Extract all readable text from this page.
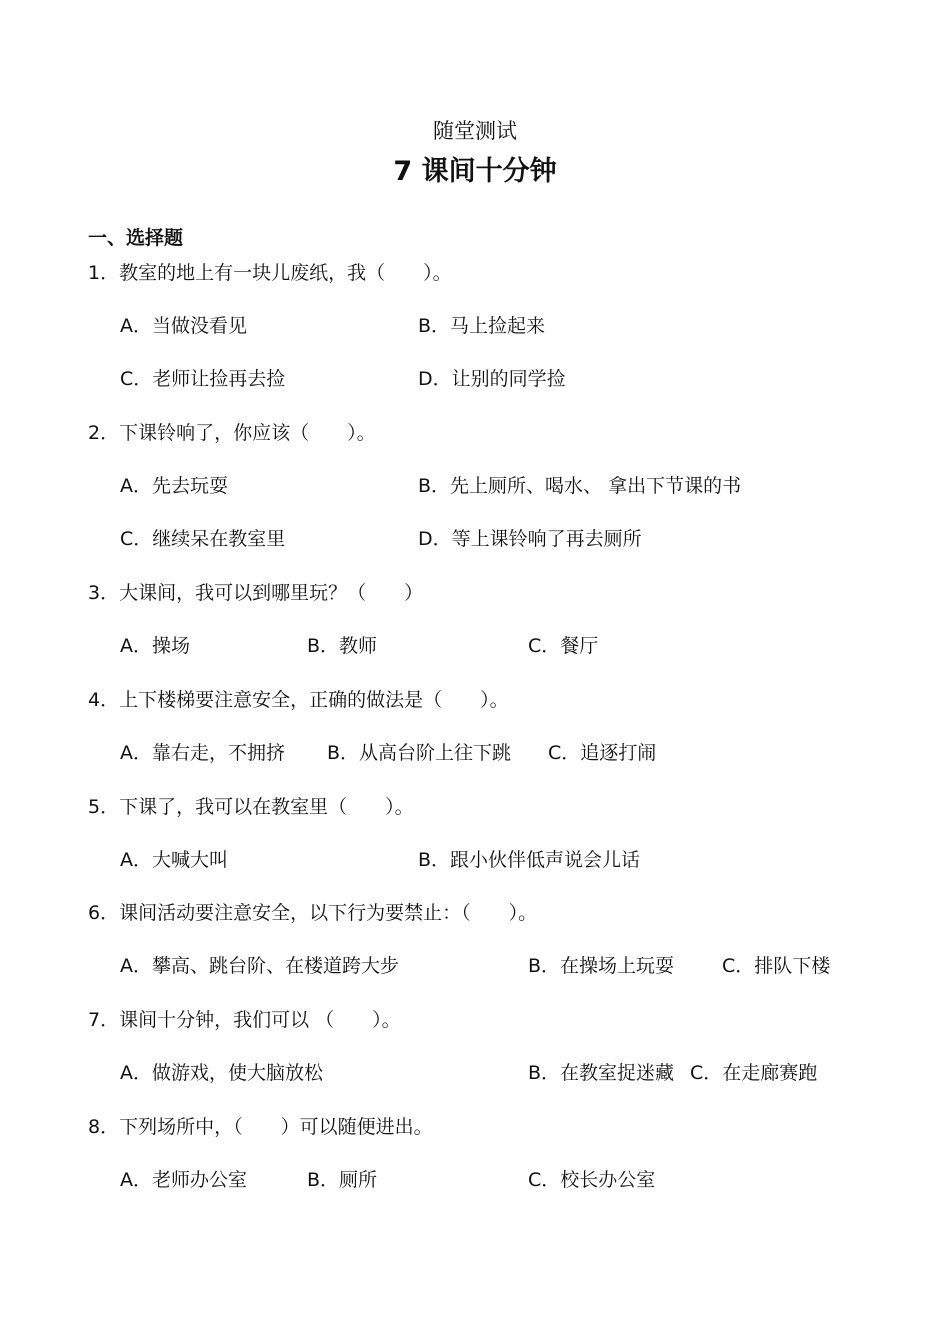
随堂测试
7 课间十分钟
一、选择题
1．教室的地上有一块儿废纸，我（　　）。
A．当做没看见	B．马上捡起来
C．老师让捡再去捡	D．让别的同学捡
2．下课铃响了，你应该（　　）。
A．先去玩耍	B．先上厕所、喝水、 拿出下节课的书
C．继续呆在教室里	D．等上课铃响了再去厕所
3．大课间，我可以到哪里玩？（　　）
A．操场	B．教师	C．餐厅
4．上下楼梯要注意安全，正确的做法是（　　）。
A．靠右走，不拥挤 B．从高台阶上往下跳 C．追逐打闹
5．下课了，我可以在教室里（　　）。
A．大喊大叫	B．跟小伙伴低声说会儿话
6．课间活动要注意安全，以下行为要禁止：（　　）。
A．攀高、跳台阶、在楼道跨大步	B．在操场上玩耍	C．排队下楼
7．课间十分钟，我们可以 （　　）。
A．做游戏，使大脑放松	B．在教室捉迷藏 C．在走廊赛跑
8．下列场所中，（　　）可以随便进出。
A．老师办公室	B．厕所	C．校长办公室
